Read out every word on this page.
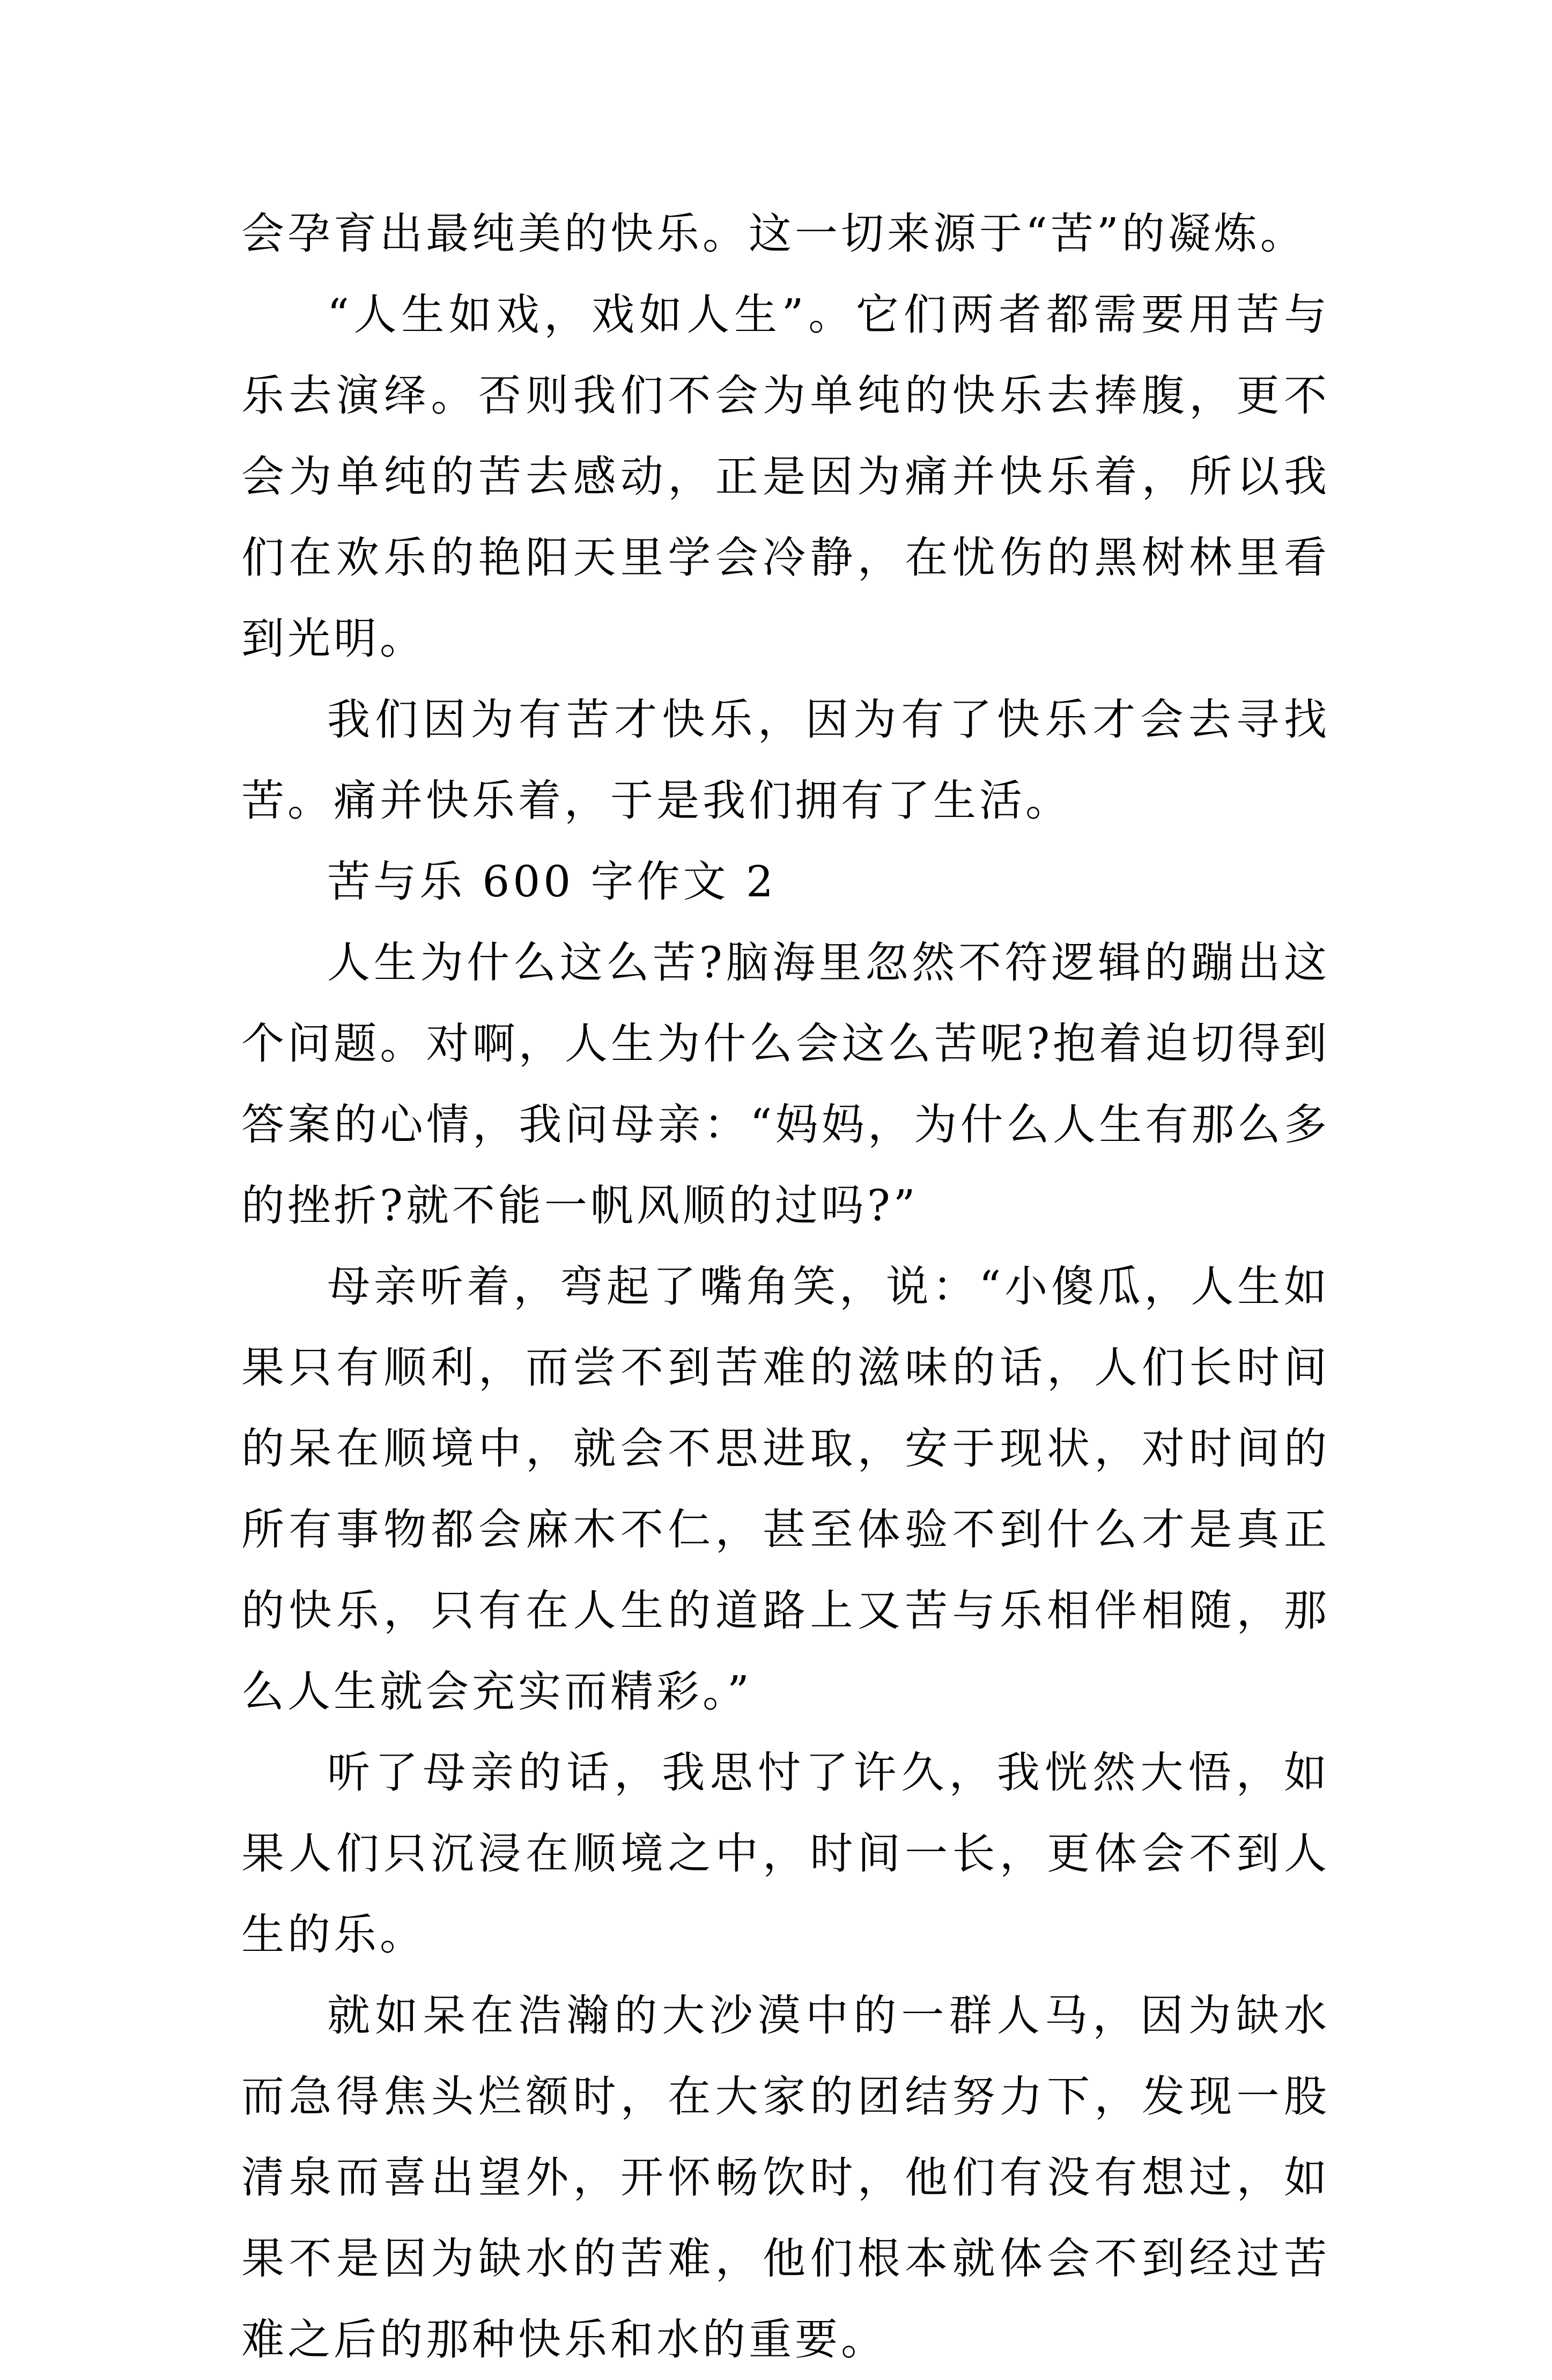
会孕育出最纯美的快乐。这一切来源于“苦”的凝炼。

“人生如戏，戏如人生”。它们两者都需要用苦与乐去演绎。否则我们不会为单纯的快乐去捧腹，更不会为单纯的苦去感动，正是因为痛并快乐着，所以我们在欢乐的艳阳天里学会冷静，在忧伤的黑树林里看到光明。

我们因为有苦才快乐，因为有了快乐才会去寻找苦。痛并快乐着，于是我们拥有了生活。

苦与乐 600 字作文 2

人生为什么这么苦?脑海里忽然不符逻辑的蹦出这个问题。对啊，人生为什么会这么苦呢?抱着迫切得到答案的心情，我问母亲：“妈妈，为什么人生有那么多的挫折?就不能一帆风顺的过吗?”

母亲听着，弯起了嘴角笑，说：“小傻瓜，人生如果只有顺利，而尝不到苦难的滋味的话，人们长时间的呆在顺境中，就会不思进取，安于现状，对时间的所有事物都会麻木不仁，甚至体验不到什么才是真正的快乐，只有在人生的道路上又苦与乐相伴相随，那么人生就会充实而精彩。”

听了母亲的话，我思忖了许久，我恍然大悟，如果人们只沉浸在顺境之中，时间一长，更体会不到人生的乐。

就如呆在浩瀚的大沙漠中的一群人马，因为缺水而急得焦头烂额时，在大家的团结努力下，发现一股清泉而喜出望外，开怀畅饮时，他们有没有想过，如果不是因为缺水的苦难，他们根本就体会不到经过苦难之后的那种快乐和水的重要。
